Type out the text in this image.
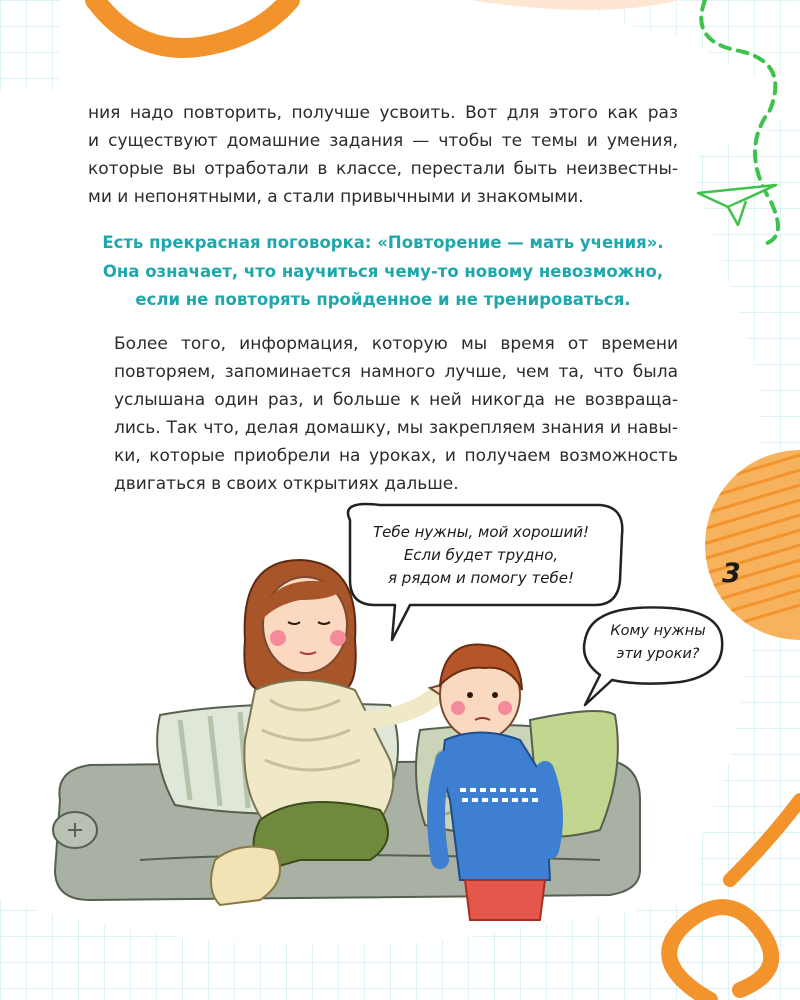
ния надо повторить, получше усвоить. Вот для этого как раз
и существуют домашние задания — чтобы те темы и умения,
которые вы отработали в классе, перестали быть неизвестны-
ми и непонятными, а стали привычными и знакомыми.
Есть прекрасная поговорка: «Повторение — мать учения».
Она означает, что научиться чему-то новому невозможно,
если не повторять пройденное и не тренироваться.
Более того, информация, которую мы время от времени
повторяем, запоминается намного лучше, чем та, что была
услышана один раз, и больше к ней никогда не возвраща-
лись. Так что, делая домашку, мы закрепляем знания и навы-
ки, которые приобрели на уроках, и получаем возможность
двигаться в своих открытиях дальше.
Тебе нужны, мой хороший!
Если будет трудно,
я рядом и помогу тебе!
Кому нужны
эти уроки?
3
